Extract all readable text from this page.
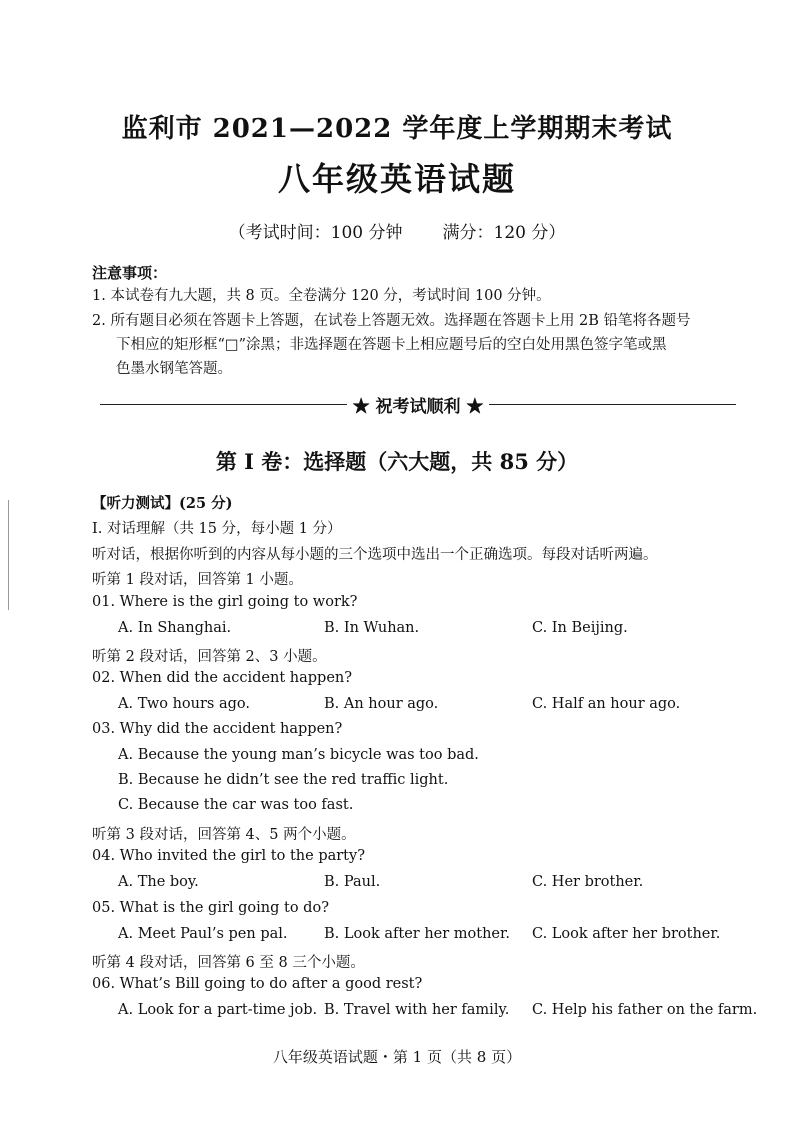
监利市 2021—2022 学年度上学期期末考试
八年级英语试题
（考试时间：100 分钟 满分：120 分）
注意事项：
1. 本试卷有九大题，共 8 页。全卷满分 120 分，考试时间 100 分钟。
2. 所有题目必须在答题卡上答题，在试卷上答题无效。选择题在答题卡上用 2B 铅笔将各题号
下相应的矩形框“□”涂黑；非选择题在答题卡上相应题号后的空白处用黑色签字笔或黑
色墨水钢笔答题。
★ 祝考试顺利 ★
第 I 卷：选择题（六大题，共 85 分）
【听力测试】(25 分)
Ⅰ. 对话理解（共 15 分，每小题 1 分）
听对话，根据你听到的内容从每小题的三个选项中选出一个正确选项。每段对话听两遍。
听第 1 段对话，回答第 1 小题。
01. Where is the girl going to work?
A. In Shanghai.	B. In Wuhan.	C. In Beijing.
听第 2 段对话，回答第 2、3 小题。
02. When did the accident happen?
A. Two hours ago.	B. An hour ago.	C. Half an hour ago.
03. Why did the accident happen?
A. Because the young man’s bicycle was too bad.
B. Because he didn’t see the red traffic light.
C. Because the car was too fast.
听第 3 段对话，回答第 4、5 两个小题。
04. Who invited the girl to the party?
A. The boy.	B. Paul.	C. Her brother.
05. What is the girl going to do?
A. Meet Paul’s pen pal.	B. Look after her mother. C. Look after her brother.
听第 4 段对话，回答第 6 至 8 三个小题。
06. What’s Bill going to do after a good rest?
A. Look for a part-time job. B. Travel with her family. C. Help his father on the farm.
八年级英语试题・第 1 页（共 8 页）
